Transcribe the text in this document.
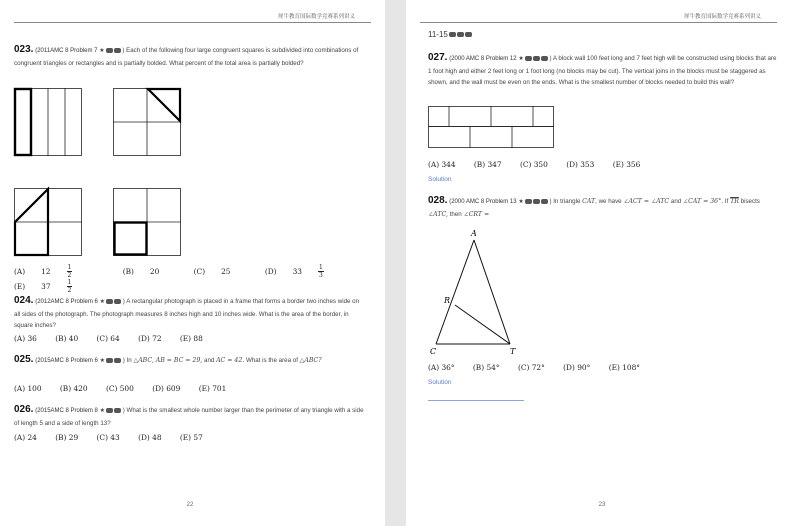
犀牛教育国际数学竞赛系列讲义
023. (2011AMC 8 Problem 7 ★	) Each of the following four large congruent squares is subdivided into combinations of congruent triangles or rectangles and is partially bolded. What percent of the total area is partially bolded?
(A) 12	$\frac{1}{2}$	(B) 20	(C) 25	(D) 33	$\frac{1}{3}$
(E) 37	$\frac{1}{2}$
024. (2012AMC 8 Problem 6 ★	) A rectangular photograph is placed in a frame that forms a border two inches wide on all sides of the photograph. The photograph measures 8 inches high and 10 inches wide. What is the area of the border, in square inches?
(A) 36 (B) 40 (C) 64 (D) 72 (E) 88
025. (2015AMC 8 Problem 6 ★	) In △ABC, AB = BC = 29, and AC = 42. What is the area of △ABC?
(A) 100 (B) 420 (C) 500 (D) 609 (E) 701
026. (2015AMC 8 Problem 8 ★	) What is the smallest whole number larger than the perimeter of any triangle with a side of length 5 and a side of length 13?
(A) 24 (B) 29 (C) 43 (D) 48 (E) 57
22
犀牛教育国际数学竞赛系列讲义
11-15
027. (2000 AMC 8 Problem 12 ★	) A block wall 100 feet long and 7 feet high will be constructed using blocks that are 1 foot high and either 2 feet long or 1 foot long (no blocks may be cut). The vertical joins in the blocks must be staggered as shown, and the wall must be even on the ends. What is the smallest number of blocks needed to build this wall?
(A) 344 (B) 347 (C) 350 (D) 353 (E) 356
Solution
028. (2000 AMC 8 Problem 13 ★	) In triangle CAT, we have ∠ACT = ∠ATC and ∠CAT = 36°. If $\overline{TR}$ bisects ∠ATC, then ∠CRT =
A
R
C	T
(A) 36° (B) 54° (C) 72° (D) 90° (E) 108°
Solution
23
